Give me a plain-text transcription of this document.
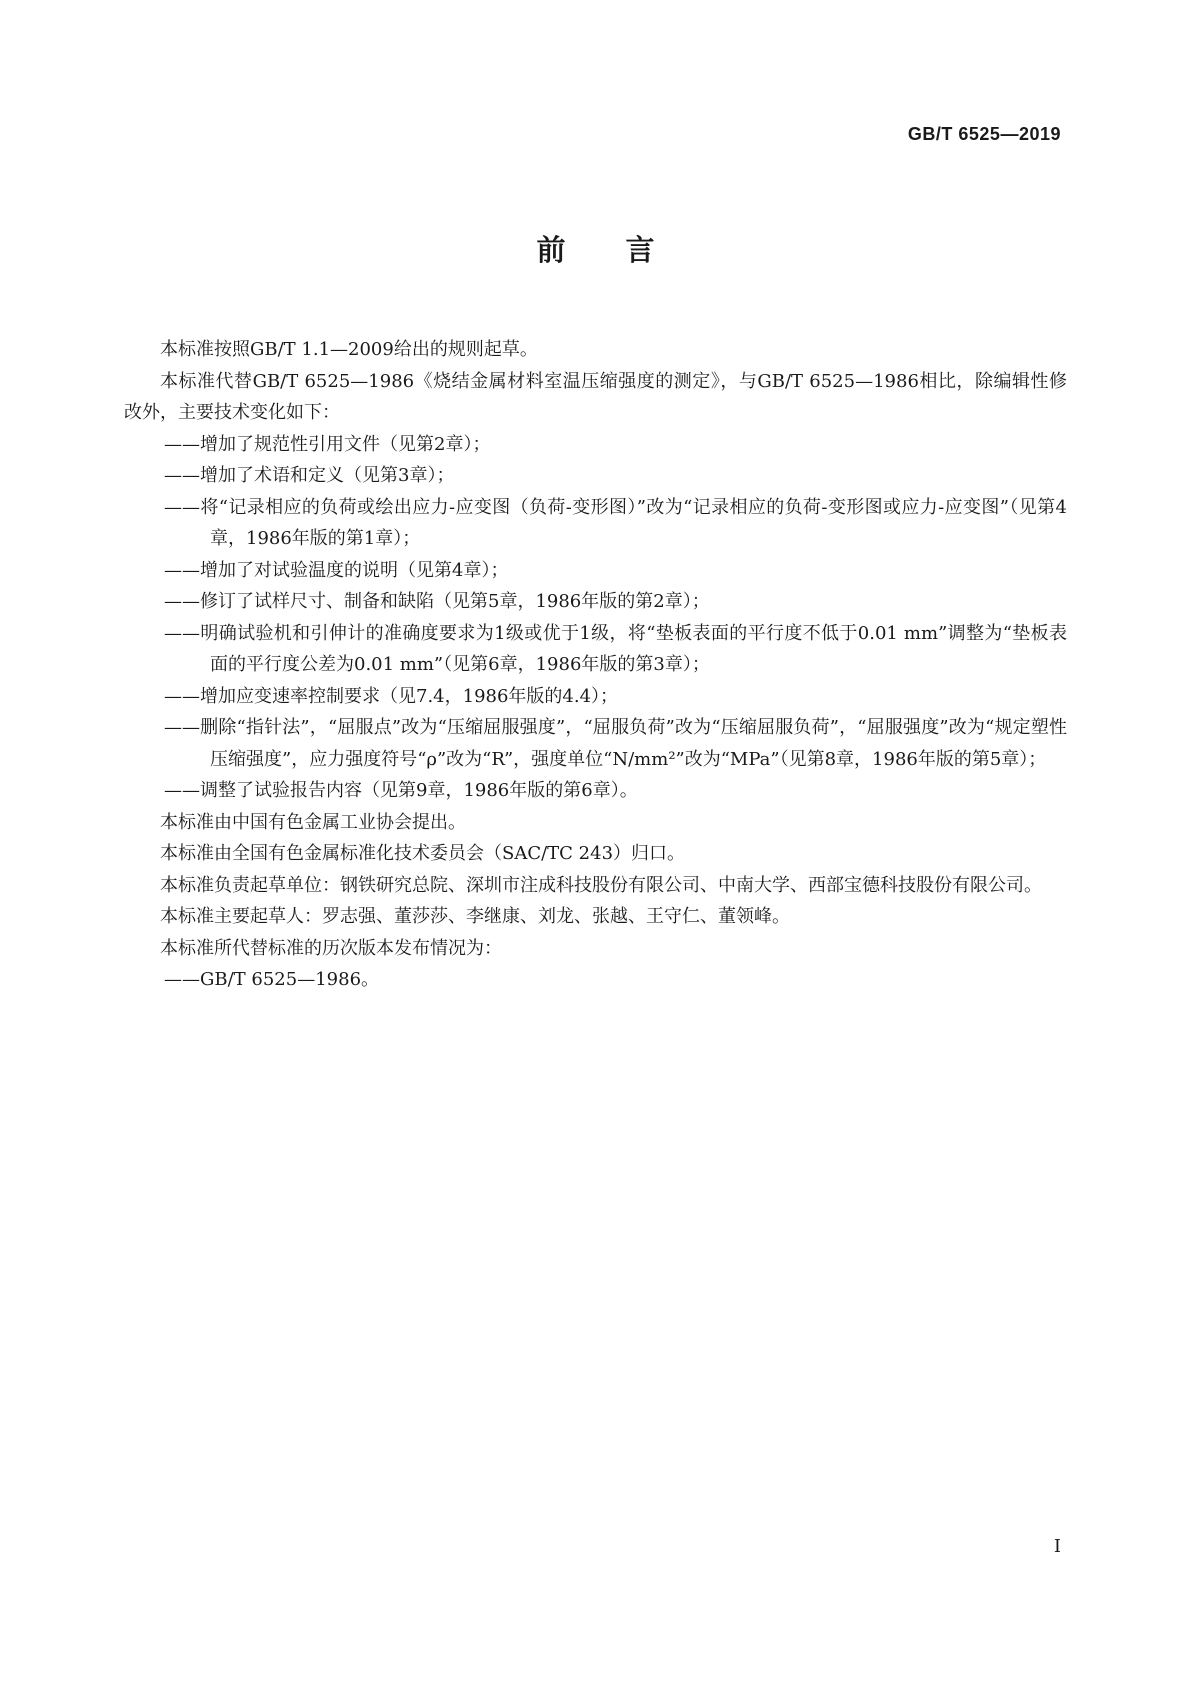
GB/T 6525—2019
前言

本标准按照GB/T 1.1—2009给出的规则起草。

本标准代替GB/T 6525—1986《烧结金属材料室温压缩强度的测定》，与GB/T 6525—1986相比，除编辑性修改外，主要技术变化如下：

——增加了规范性引用文件（见第2章）；

——增加了术语和定义（见第3章）；

——将“记录相应的负荷或绘出应力-应变图（负荷-变形图）”改为“记录相应的负荷-变形图或应力-应变图”（见第4章，1986年版的第1章）；

——增加了对试验温度的说明（见第4章）；

——修订了试样尺寸、制备和缺陷（见第5章，1986年版的第2章）；

——明确试验机和引伸计的准确度要求为1级或优于1级，将“垫板表面的平行度不低于0.01 mm”调整为“垫板表面的平行度公差为0.01 mm”（见第6章，1986年版的第3章）；

——增加应变速率控制要求（见7.4，1986年版的4.4）；

——删除“指针法”，“屈服点”改为“压缩屈服强度”，“屈服负荷”改为“压缩屈服负荷”，“屈服强度”改为“规定塑性压缩强度”，应力强度符号“ρ”改为“R”，强度单位“N/mm²”改为“MPa”（见第8章，1986年版的第5章）；

——调整了试验报告内容（见第9章，1986年版的第6章）。

本标准由中国有色金属工业协会提出。

本标准由全国有色金属标准化技术委员会（SAC/TC 243）归口。

本标准负责起草单位：钢铁研究总院、深圳市注成科技股份有限公司、中南大学、西部宝德科技股份有限公司。

本标准主要起草人：罗志强、董莎莎、李继康、刘龙、张越、王守仁、董领峰。

本标准所代替标准的历次版本发布情况为：

——GB/T 6525—1986。

I
